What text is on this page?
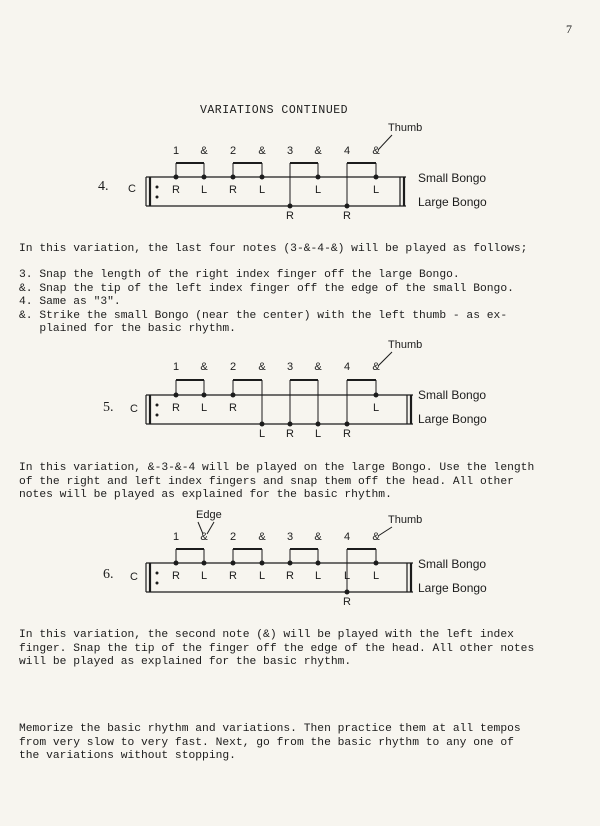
7
VARIATIONS CONTINUED
4.
1 & 2 & 3 & 4 &
Thumb
C	R L R L	L	L
R	R
Small Bongo
Large Bongo
In this variation, the last four notes (3-&-4-&) will be played as follows;
3. Snap the length of the right index finger off the large Bongo.
&. Snap the tip of the left index finger off the edge of the small Bongo.
4. Same as "3".
&. Strike the small Bongo (near the center) with the left thumb - as ex-
plained for the basic rhythm.
5.
1 & 2 & 3 & 4 &
Thumb
C	R L R	L
L R L R
Small Bongo
Large Bongo
In this variation, &-3-&-4 will be played on the large Bongo. Use the length
of the right and left index fingers and snap them off the head. All other
notes will be played as explained for the basic rhythm.
6.
Edge
1 & 2 & 3 & 4 &
Thumb
C	R L R L R L L L
R
Small Bongo
Large Bongo
In this variation, the second note (&) will be played with the left index
finger. Snap the tip of the finger off the edge of the head. All other notes
will be played as explained for the basic rhythm.
Memorize the basic rhythm and variations. Then practice them at all tempos
from very slow to very fast. Next, go from the basic rhythm to any one of
the variations without stopping.
